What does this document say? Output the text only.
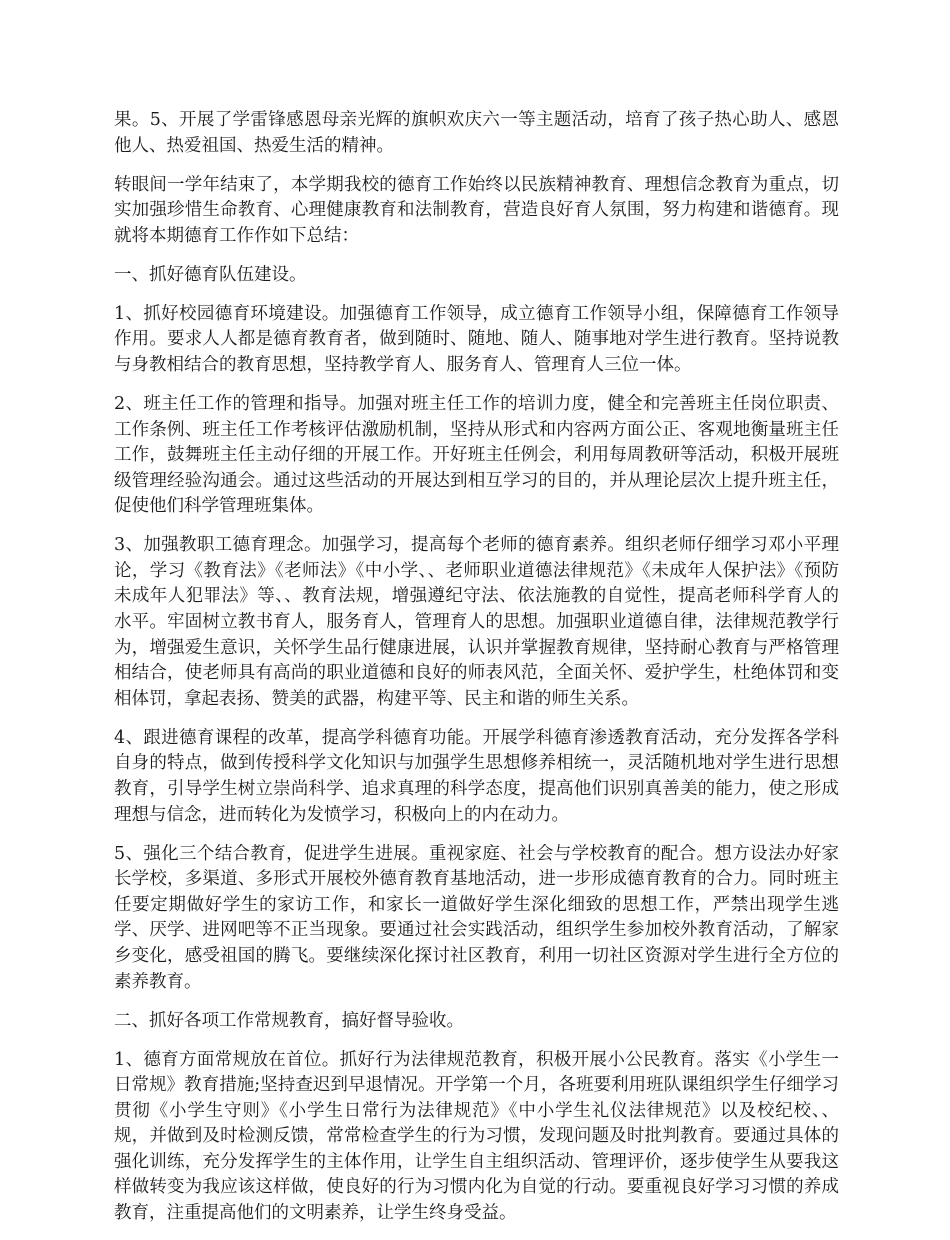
果。5、开展了学雷锋感恩母亲光辉的旗帜欢庆六一等主题活动，培育了孩子热心助人、感恩他人、热爱祖国、热爱生活的精神。

转眼间一学年结束了，本学期我校的德育工作始终以民族精神教育、理想信念教育为重点，切实加强珍惜生命教育、心理健康教育和法制教育，营造良好育人氛围，努力构建和谐德育。现就将本期德育工作作如下总结：

一、抓好德育队伍建设。

1、抓好校园德育环境建设。加强德育工作领导，成立德育工作领导小组，保障德育工作领导作用。要求人人都是德育教育者，做到随时、随地、随人、随事地对学生进行教育。坚持说教与身教相结合的教育思想，坚持教学育人、服务育人、管理育人三位一体。

2、班主任工作的管理和指导。加强对班主任工作的培训力度，健全和完善班主任岗位职责、工作条例、班主任工作考核评估激励机制，坚持从形式和内容两方面公正、客观地衡量班主任工作，鼓舞班主任主动仔细的开展工作。开好班主任例会，利用每周教研等活动，积极开展班级管理经验沟通会。通过这些活动的开展达到相互学习的目的，并从理论层次上提升班主任，促使他们科学管理班集体。

3、加强教职工德育理念。加强学习，提高每个老师的德育素养。组织老师仔细学习邓小平理论，学习《教育法》《老师法》《中小学、、老师职业道德法律规范》《未成年人保护法》《预防未成年人犯罪法》等、、教育法规，增强遵纪守法、依法施教的自觉性，提高老师科学育人的水平。牢固树立教书育人，服务育人，管理育人的思想。加强职业道德自律，法律规范教学行为，增强爱生意识，关怀学生品行健康进展，认识并掌握教育规律，坚持耐心教育与严格管理相结合，使老师具有高尚的职业道德和良好的师表风范，全面关怀、爱护学生，杜绝体罚和变相体罚，拿起表扬、赞美的武器，构建平等、民主和谐的师生关系。

4、跟进德育课程的改革，提高学科德育功能。开展学科德育渗透教育活动，充分发挥各学科自身的特点，做到传授科学文化知识与加强学生思想修养相统一，灵活随机地对学生进行思想教育，引导学生树立崇尚科学、追求真理的科学态度，提高他们识别真善美的能力，使之形成理想与信念，进而转化为发愤学习，积极向上的内在动力。

5、强化三个结合教育，促进学生进展。重视家庭、社会与学校教育的配合。想方设法办好家长学校，多渠道、多形式开展校外德育教育基地活动，进一步形成德育教育的合力。同时班主任要定期做好学生的家访工作，和家长一道做好学生深化细致的思想工作，严禁出现学生逃学、厌学、进网吧等不正当现象。要通过社会实践活动，组织学生参加校外教育活动，了解家乡变化，感受祖国的腾飞。要继续深化探讨社区教育，利用一切社区资源对学生进行全方位的素养教育。

二、抓好各项工作常规教育，搞好督导验收。

1、德育方面常规放在首位。抓好行为法律规范教育，积极开展小公民教育。落实《小学生一日常规》教育措施;坚持查迟到早退情况。开学第一个月，各班要利用班队课组织学生仔细学习贯彻《小学生守则》《小学生日常行为法律规范》《中小学生礼仪法律规范》以及校纪校、、规，并做到及时检测反馈，常常检查学生的行为习惯，发现问题及时批判教育。要通过具体的强化训练，充分发挥学生的主体作用，让学生自主组织活动、管理评价，逐步使学生从要我这样做转变为我应该这样做，使良好的行为习惯内化为自觉的行动。要重视良好学习习惯的养成教育，注重提高他们的文明素养，让学生终身受益。
